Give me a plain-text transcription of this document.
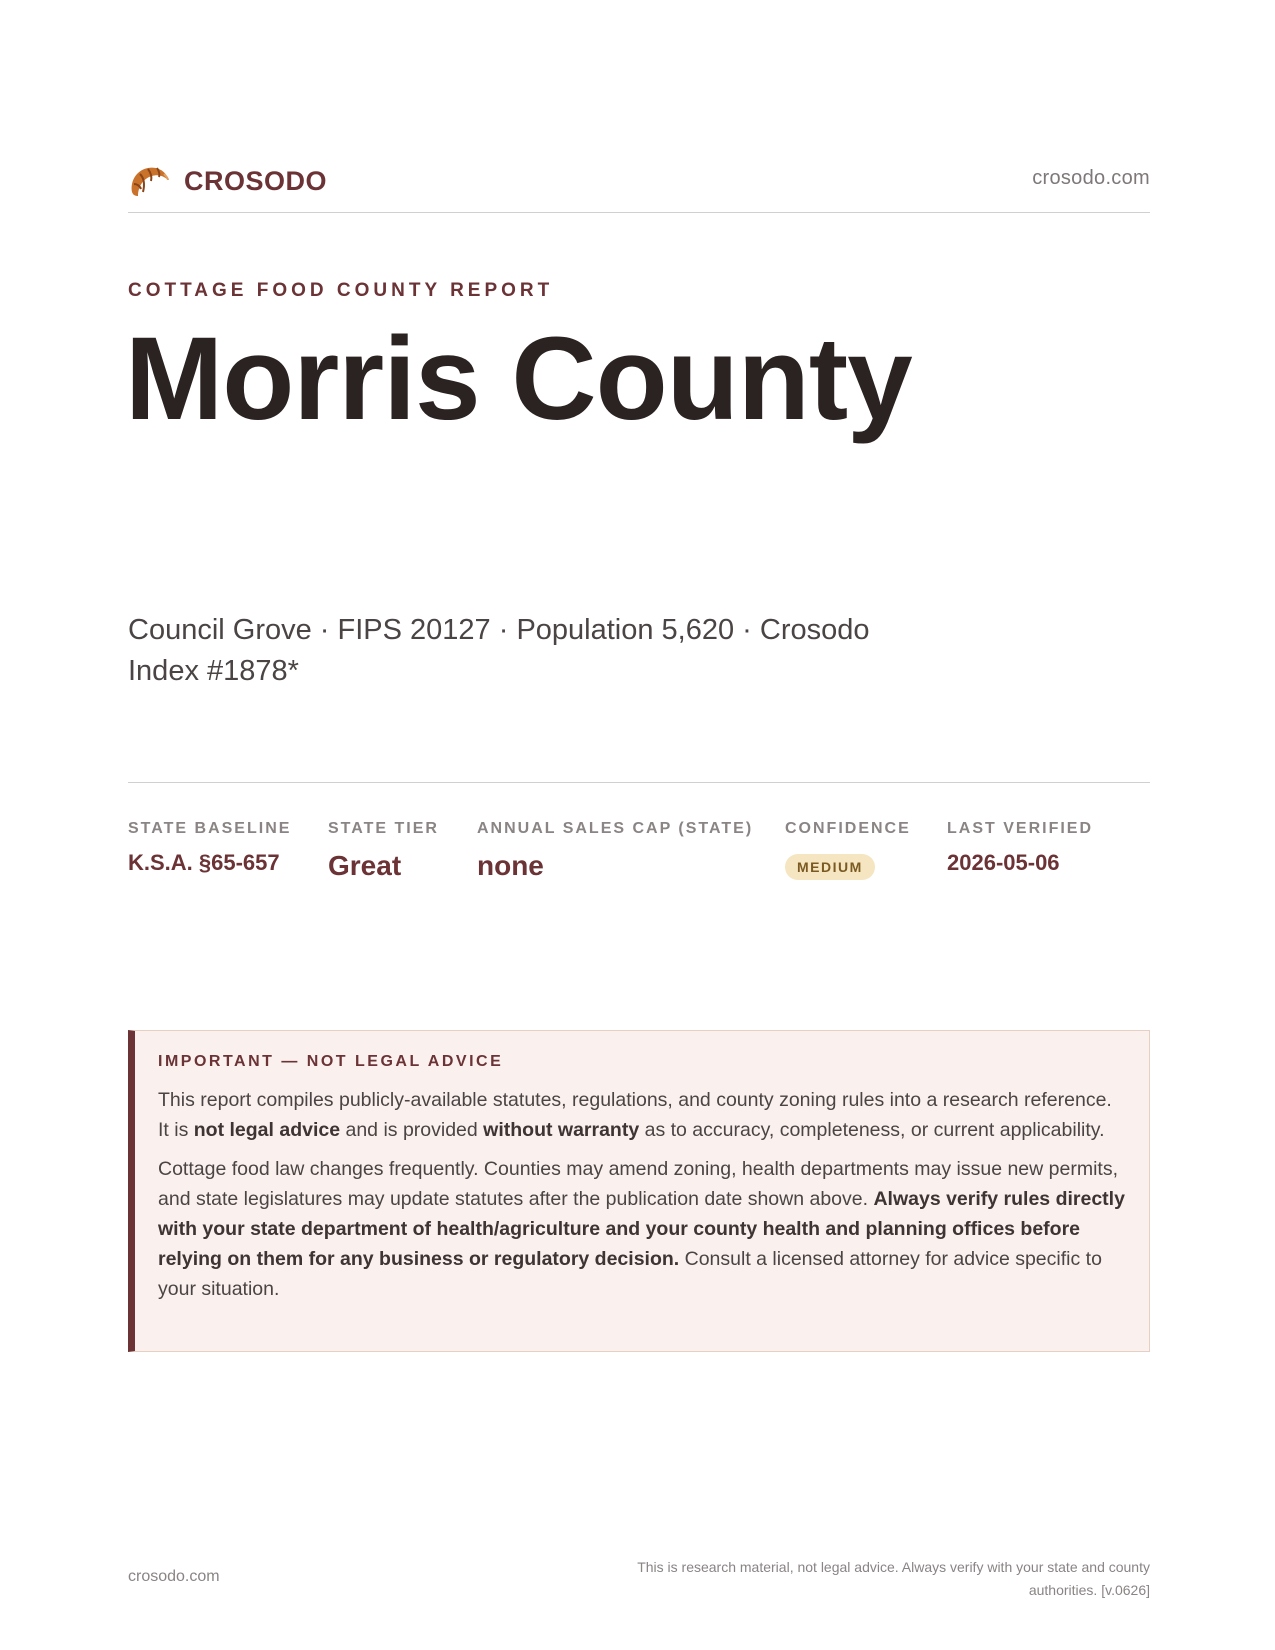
CROSODO	crosodo.com
COTTAGE FOOD COUNTY REPORT
Morris County
Council Grove · FIPS 20127 · Population 5,620 · Crosodo Index #1878*
STATE BASELINE
K.S.A. §65-657
STATE TIER
Great
ANNUAL SALES CAP (STATE)
none
CONFIDENCE
MEDIUM
LAST VERIFIED
2026-05-06
IMPORTANT — NOT LEGAL ADVICE

This report compiles publicly-available statutes, regulations, and county zoning rules into a research reference. It is not legal advice and is provided without warranty as to accuracy, completeness, or current applicability.

Cottage food law changes frequently. Counties may amend zoning, health departments may issue new permits, and state legislatures may update statutes after the publication date shown above. Always verify rules directly with your state department of health/agriculture and your county health and planning offices before relying on them for any business or regulatory decision. Consult a licensed attorney for advice specific to your situation.

crosodo.com
This is research material, not legal advice. Always verify with your state and county authorities. [v.0626]
